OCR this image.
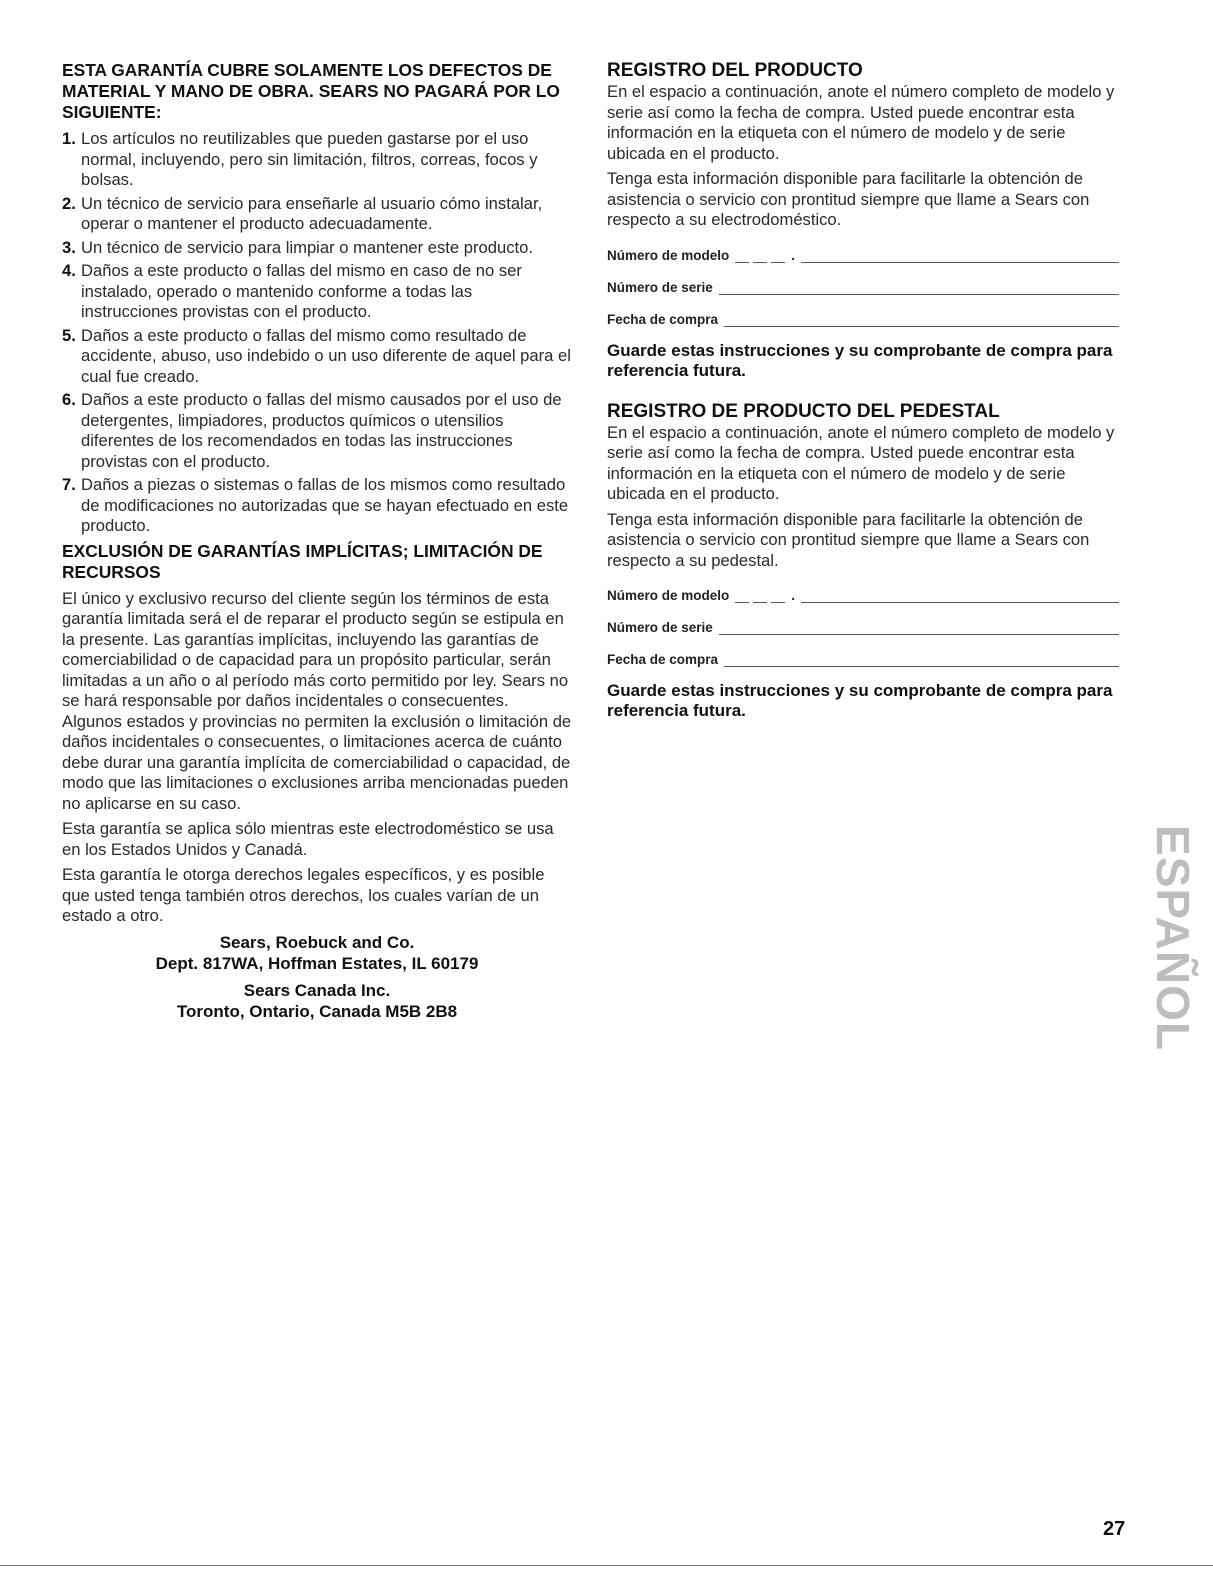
ESTA GARANTÍA CUBRE SOLAMENTE LOS DEFECTOS DE MATERIAL Y MANO DE OBRA. SEARS NO PAGARÁ POR LO SIGUIENTE:

1. Los artículos no reutilizables que pueden gastarse por el uso normal, incluyendo, pero sin limitación, filtros, correas, focos y bolsas.
2. Un técnico de servicio para enseñarle al usuario cómo instalar, operar o mantener el producto adecuadamente.
3. Un técnico de servicio para limpiar o mantener este producto.
4. Daños a este producto o fallas del mismo en caso de no ser instalado, operado o mantenido conforme a todas las instrucciones provistas con el producto.
5. Daños a este producto o fallas del mismo como resultado de accidente, abuso, uso indebido o un uso diferente de aquel para el cual fue creado.
6. Daños a este producto o fallas del mismo causados por el uso de detergentes, limpiadores, productos químicos o utensilios diferentes de los recomendados en todas las instrucciones provistas con el producto.
7. Daños a piezas o sistemas o fallas de los mismos como resultado de modificaciones no autorizadas que se hayan efectuado en este producto.

EXCLUSIÓN DE GARANTÍAS IMPLÍCITAS; LIMITACIÓN DE RECURSOS

El único y exclusivo recurso del cliente según los términos de esta garantía limitada será el de reparar el producto según se estipula en la presente. Las garantías implícitas, incluyendo las garantías de comerciabilidad o de capacidad para un propósito particular, serán limitadas a un año o al período más corto permitido por ley. Sears no se hará responsable por daños incidentales o consecuentes. Algunos estados y provincias no permiten la exclusión o limitación de daños incidentales o consecuentes, o limitaciones acerca de cuánto debe durar una garantía implícita de comerciabilidad o capacidad, de modo que las limitaciones o exclusiones arriba mencionadas pueden no aplicarse en su caso.

Esta garantía se aplica sólo mientras este electrodoméstico se usa en los Estados Unidos y Canadá.

Esta garantía le otorga derechos legales específicos, y es posible que usted tenga también otros derechos, los cuales varían de un estado a otro.

Sears, Roebuck and Co.
Dept. 817WA, Hoffman Estates, IL 60179
Sears Canada Inc.
Toronto, Ontario, Canada M5B 2B8

REGISTRO DEL PRODUCTO

En el espacio a continuación, anote el número completo de modelo y serie así como la fecha de compra. Usted puede encontrar esta información en la etiqueta con el número de modelo y de serie ubicada en el producto.

Tenga esta información disponible para facilitarle la obtención de asistencia o servicio con prontitud siempre que llame a Sears con respecto a su electrodoméstico.

Número de modelo	.
Número de serie
Fecha de compra

Guarde estas instrucciones y su comprobante de compra para referencia futura.

REGISTRO DE PRODUCTO DEL PEDESTAL

En el espacio a continuación, anote el número completo de modelo y serie así como la fecha de compra. Usted puede encontrar esta información en la etiqueta con el número de modelo y de serie ubicada en el producto.

Tenga esta información disponible para facilitarle la obtención de asistencia o servicio con prontitud siempre que llame a Sears con respecto a su pedestal.

Número de modelo	.
Número de serie
Fecha de compra

Guarde estas instrucciones y su comprobante de compra para referencia futura.

ESPAÑOL
27
